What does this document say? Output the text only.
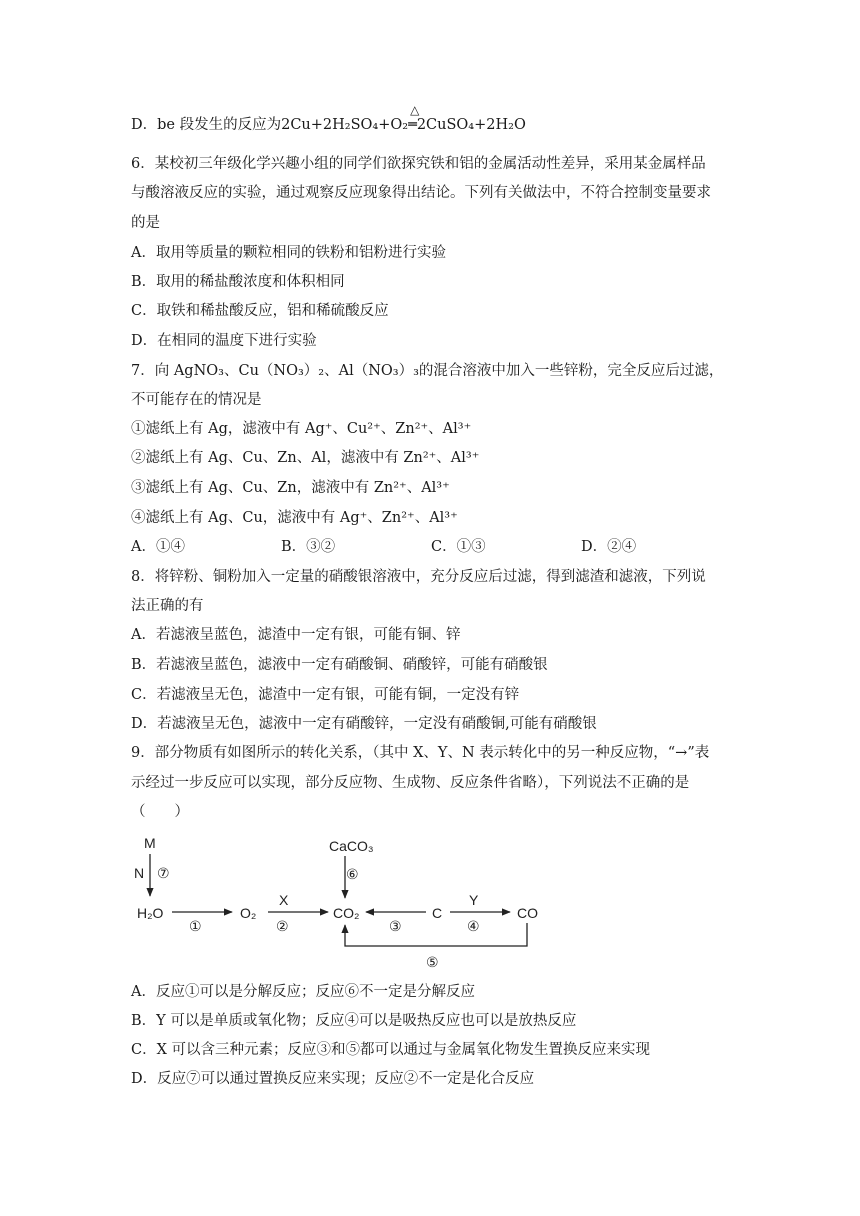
D．be 段发生的反应为2Cu+2H₂SO₄+O₂═
△
2CuSO₄+2H₂O
6．某校初三年级化学兴趣小组的同学们欲探究铁和铝的金属活动性差异，采用某金属样品
与酸溶液反应的实验，通过观察反应现象得出结论。下列有关做法中，不符合控制变量要求
的是
A．取用等质量的颗粒相同的铁粉和铝粉进行实验
B．取用的稀盐酸浓度和体积相同
C．取铁和稀盐酸反应，铝和稀硫酸反应
D．在相同的温度下进行实验
7．向 AgNO₃、Cu（NO₃）₂、Al（NO₃）₃的混合溶液中加入一些锌粉，完全反应后过滤，
不可能存在的情况是
①滤纸上有 Ag，滤液中有 Ag⁺、Cu²⁺、Zn²⁺、Al³⁺
②滤纸上有 Ag、Cu、Zn、Al，滤液中有 Zn²⁺、Al³⁺
③滤纸上有 Ag、Cu、Zn，滤液中有 Zn²⁺、Al³⁺
④滤纸上有 Ag、Cu，滤液中有 Ag⁺、Zn²⁺、Al³⁺
A．①④	B．③②	C．①③	D．②④
8．将锌粉、铜粉加入一定量的硝酸银溶液中，充分反应后过滤，得到滤渣和滤液，下列说
法正确的有
A．若滤液呈蓝色，滤渣中一定有银，可能有铜、锌
B．若滤液呈蓝色，滤液中一定有硝酸铜、硝酸锌，可能有硝酸银
C．若滤液呈无色，滤渣中一定有银，可能有铜，一定没有锌
D．若滤液呈无色，滤液中一定有硝酸锌，一定没有硝酸铜,可能有硝酸银
9．部分物质有如图所示的转化关系，（其中 X、Y、N 表示转化中的另一种反应物，“→”表
示经过一步反应可以实现，部分反应物、生成物、反应条件省略），下列说法不正确的是
（　　）
M
N ⑦
H₂O
①
O₂
X
②
CO₂
CaCO₃
⑥
③
C
Y
④
CO
⑤
A．反应①可以是分解反应；反应⑥不一定是分解反应
B．Y 可以是单质或氧化物；反应④可以是吸热反应也可以是放热反应
C．X 可以含三种元素；反应③和⑤都可以通过与金属氧化物发生置换反应来实现
D．反应⑦可以通过置换反应来实现；反应②不一定是化合反应
